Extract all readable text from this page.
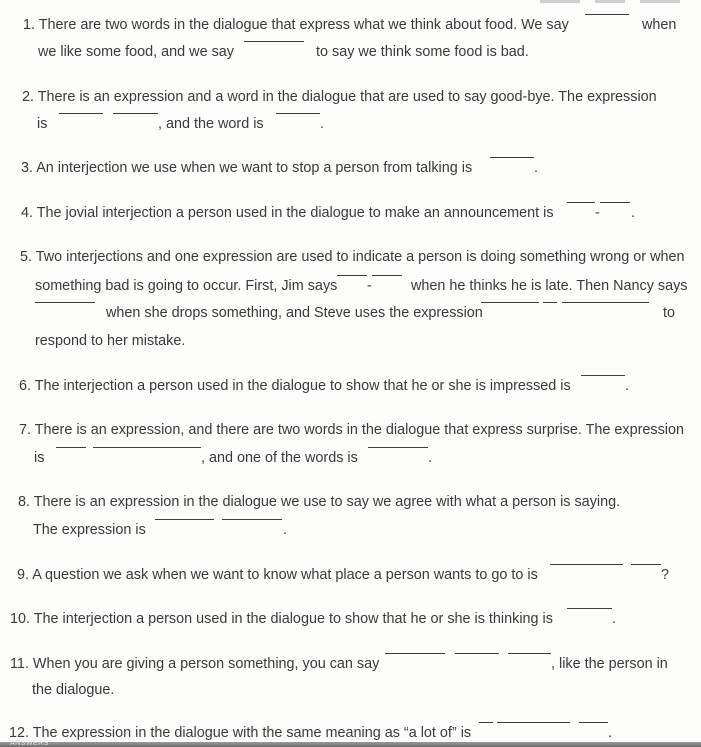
1. There are two words in the dialogue that express what we think about food. We say	when
we like some food, and we say	to say we think some food is bad.
2. There is an expression and a word in the dialogue that are used to say good-bye. The expression
is	, and the word is	.
3. An interjection we use when we want to stop a person from talking is	.
4. The jovial interjection a person used in the dialogue to make an announcement is	- .
5. Two interjections and one expression are used to indicate a person is doing something wrong or when
something bad is going to occur. First, Jim says -	when he thinks he is late. Then Nancy says
when she drops something, and Steve uses the expression	to
respond to her mistake.
6. The interjection a person used in the dialogue to show that he or she is impressed is	.
7. There is an expression, and there are two words in the dialogue that express surprise. The expression
is	, and one of the words is	.
8. There is an expression in the dialogue we use to say we agree with what a person is saying.
The expression is	.
9. A question we ask when we want to know what place a person wants to go to is	?
10. The interjection a person used in the dialogue to show that he or she is thinking is	.
11. When you are giving a person something, you can say	, like the person in
the dialogue.
12. The expression in the dialogue with the same meaning as “a lot of” is	.
ANSWERS
